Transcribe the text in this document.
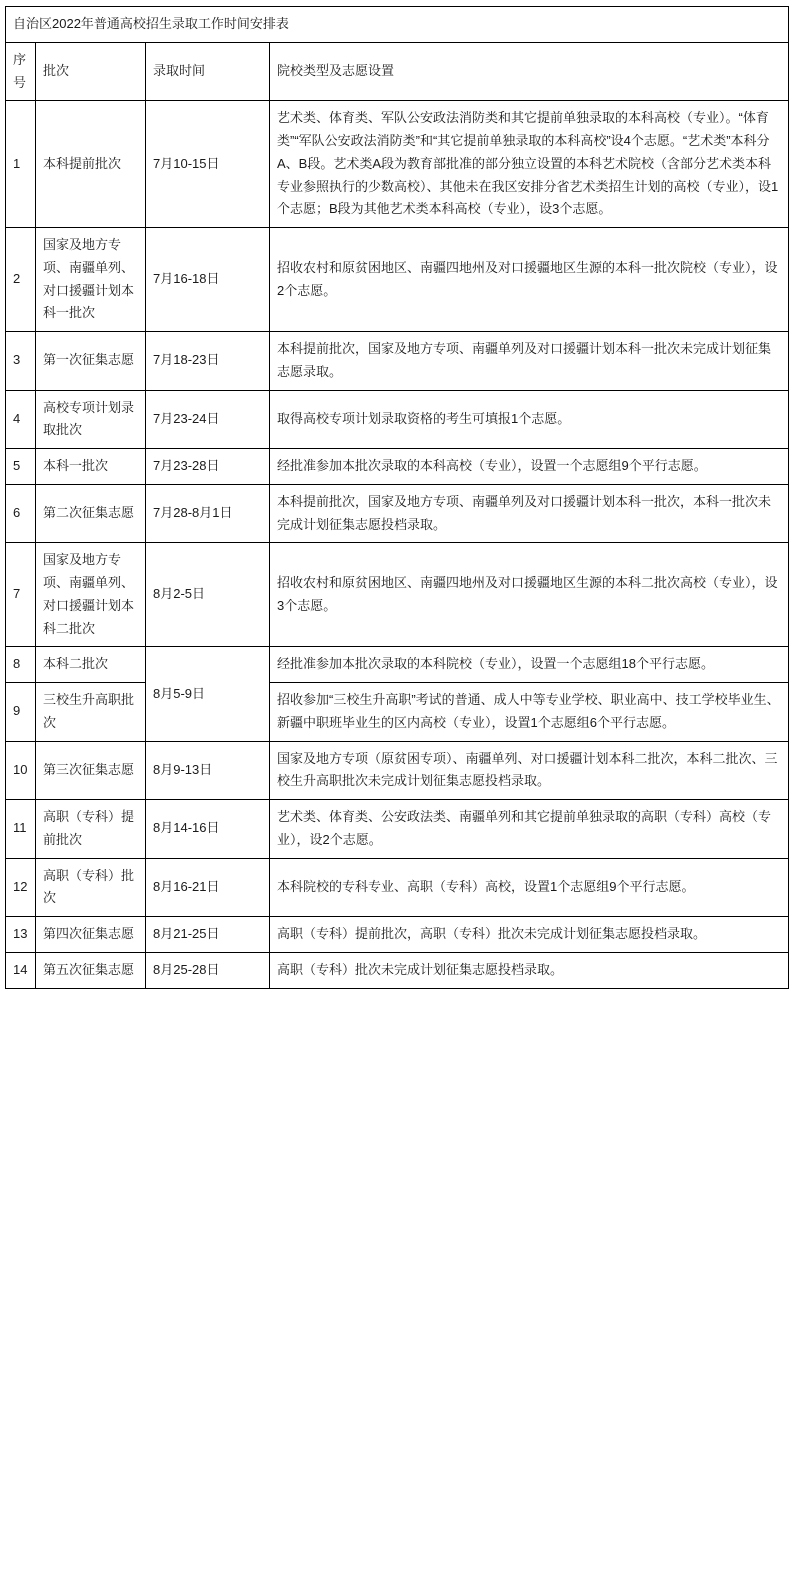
自治区2022年普通高校招生录取工作时间安排表			
序号	批次	录取时间	院校类型及志愿设置
1	本科提前批次	7月10-15日	艺术类、体育类、军队公安政法消防类和其它提前单独录取的本科高校（专业）。“体育类”“军队公安政法消防类”和“其它提前单独录取的本科高校”设4个志愿。“艺术类”本科分A、B段。艺术类A段为教育部批准的部分独立设置的本科艺术院校（含部分艺术类本科专业参照执行的少数高校）、其他未在我区安排分省艺术类招生计划的高校（专业），设1个志愿；B段为其他艺术类本科高校（专业），设3个志愿。
2	国家及地方专项、南疆单列、对口援疆计划本科一批次	7月16-18日	招收农村和原贫困地区、南疆四地州及对口援疆地区生源的本科一批次院校（专业），设2个志愿。
3	第一次征集志愿	7月18-23日	本科提前批次，国家及地方专项、南疆单列及对口援疆计划本科一批次未完成计划征集志愿录取。
4	高校专项计划录取批次	7月23-24日	取得高校专项计划录取资格的考生可填报1个志愿。
5	本科一批次	7月23-28日	经批准参加本批次录取的本科高校（专业），设置一个志愿组9个平行志愿。
6	第二次征集志愿	7月28-8月1日	本科提前批次，国家及地方专项、南疆单列及对口援疆计划本科一批次，本科一批次未完成计划征集志愿投档录取。
7	国家及地方专项、南疆单列、对口援疆计划本科二批次	8月2-5日	招收农村和原贫困地区、南疆四地州及对口援疆地区生源的本科二批次高校（专业），设3个志愿。
8	本科二批次	8月5-9日	经批准参加本批次录取的本科院校（专业），设置一个志愿组18个平行志愿。
9	三校生升高职批次		招收参加“三校生升高职”考试的普通、成人中等专业学校、职业高中、技工学校毕业生、新疆中职班毕业生的区内高校（专业），设置1个志愿组6个平行志愿。
10	第三次征集志愿	8月9-13日	国家及地方专项（原贫困专项）、南疆单列、对口援疆计划本科二批次，本科二批次、三校生升高职批次未完成计划征集志愿投档录取。
11	高职（专科）提前批次	8月14-16日	艺术类、体育类、公安政法类、南疆单列和其它提前单独录取的高职（专科）高校（专业），设2个志愿。
12	高职（专科）批次	8月16-21日	本科院校的专科专业、高职（专科）高校，设置1个志愿组9个平行志愿。
13	第四次征集志愿	8月21-25日	高职（专科）提前批次，高职（专科）批次未完成计划征集志愿投档录取。
14	第五次征集志愿	8月25-28日	高职（专科）批次未完成计划征集志愿投档录取。
